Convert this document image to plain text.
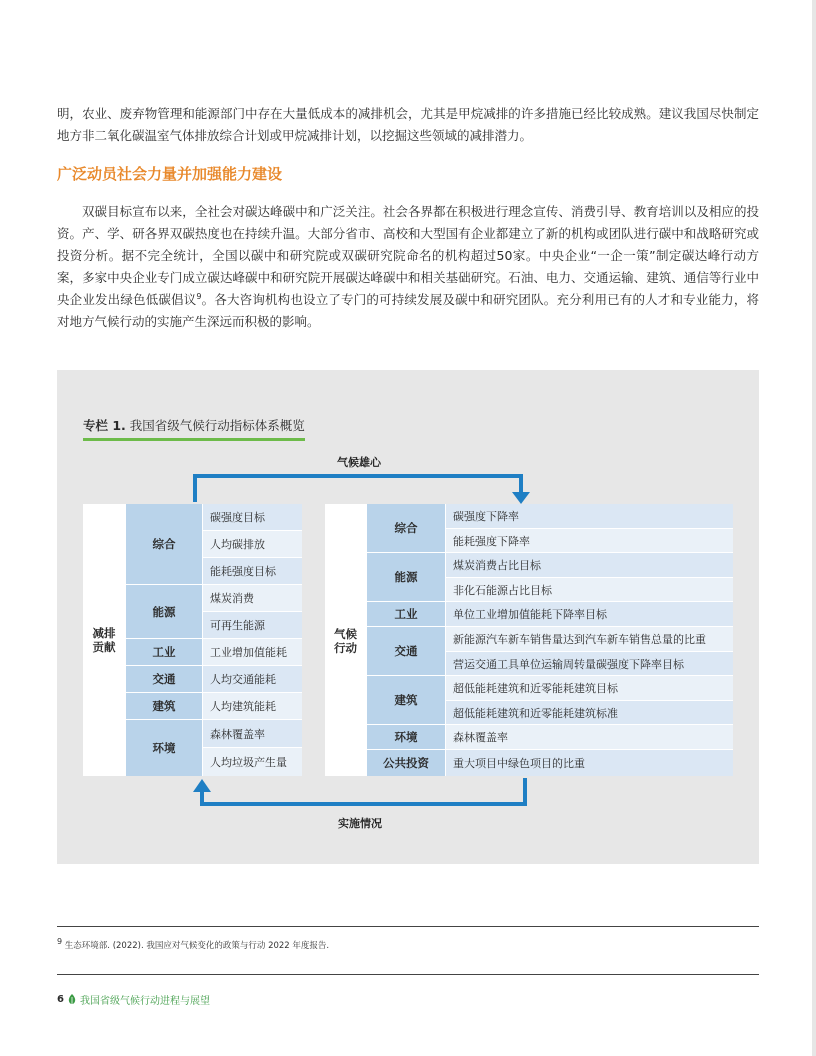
明，农业、废弃物管理和能源部门中存在大量低成本的减排机会，尤其是甲烷减排的许多措施已经比较成熟。建议我国尽快制定地方非二氧化碳温室气体排放综合计划或甲烷减排计划，以挖掘这些领域的减排潜力。

广泛动员社会力量并加强能力建设

双碳目标宣布以来，全社会对碳达峰碳中和广泛关注。社会各界都在积极进行理念宣传、消费引导、教育培训以及相应的投资。产、学、研各界双碳热度也在持续升温。大部分省市、高校和大型国有企业都建立了新的机构或团队进行碳中和战略研究或投资分析。据不完全统计，全国以碳中和研究院或双碳研究院命名的机构超过50家。中央企业“一企一策”制定碳达峰行动方案，多家中央企业专门成立碳达峰碳中和研究院开展碳达峰碳中和相关基础研究。石油、电力、交通运输、建筑、通信等行业中央企业发出绿色低碳倡议$^9$。各大咨询机构也设立了专门的可持续发展及碳中和研究团队。充分利用已有的人才和专业能力，将对地方气候行动的实施产生深远而积极的影响。

专栏 1. 我国省级气候行动指标体系概览
气候雄心
实施情况
减排
贡献
综合
能源
工业
交通
建筑
环境
碳强度目标
人均碳排放
能耗强度目标
煤炭消费
可再生能源
工业增加值能耗
人均交通能耗
人均建筑能耗
森林覆盖率
人均垃圾产生量
气候
行动
综合
能源
工业
交通
建筑
环境
公共投资
碳强度下降率
能耗强度下降率
煤炭消费占比目标
非化石能源占比目标
单位工业增加值能耗下降率目标
新能源汽车新车销售量达到汽车新车销售总量的比重
营运交通工具单位运输周转量碳强度下降率目标
超低能耗建筑和近零能耗建筑目标
超低能耗建筑和近零能耗建筑标准
森林覆盖率
重大项目中绿色项目的比重
$^9$ 生态环境部. (2022). 我国应对气候变化的政策与行动 2022 年度报告.
6 我国省级气候行动进程与展望
